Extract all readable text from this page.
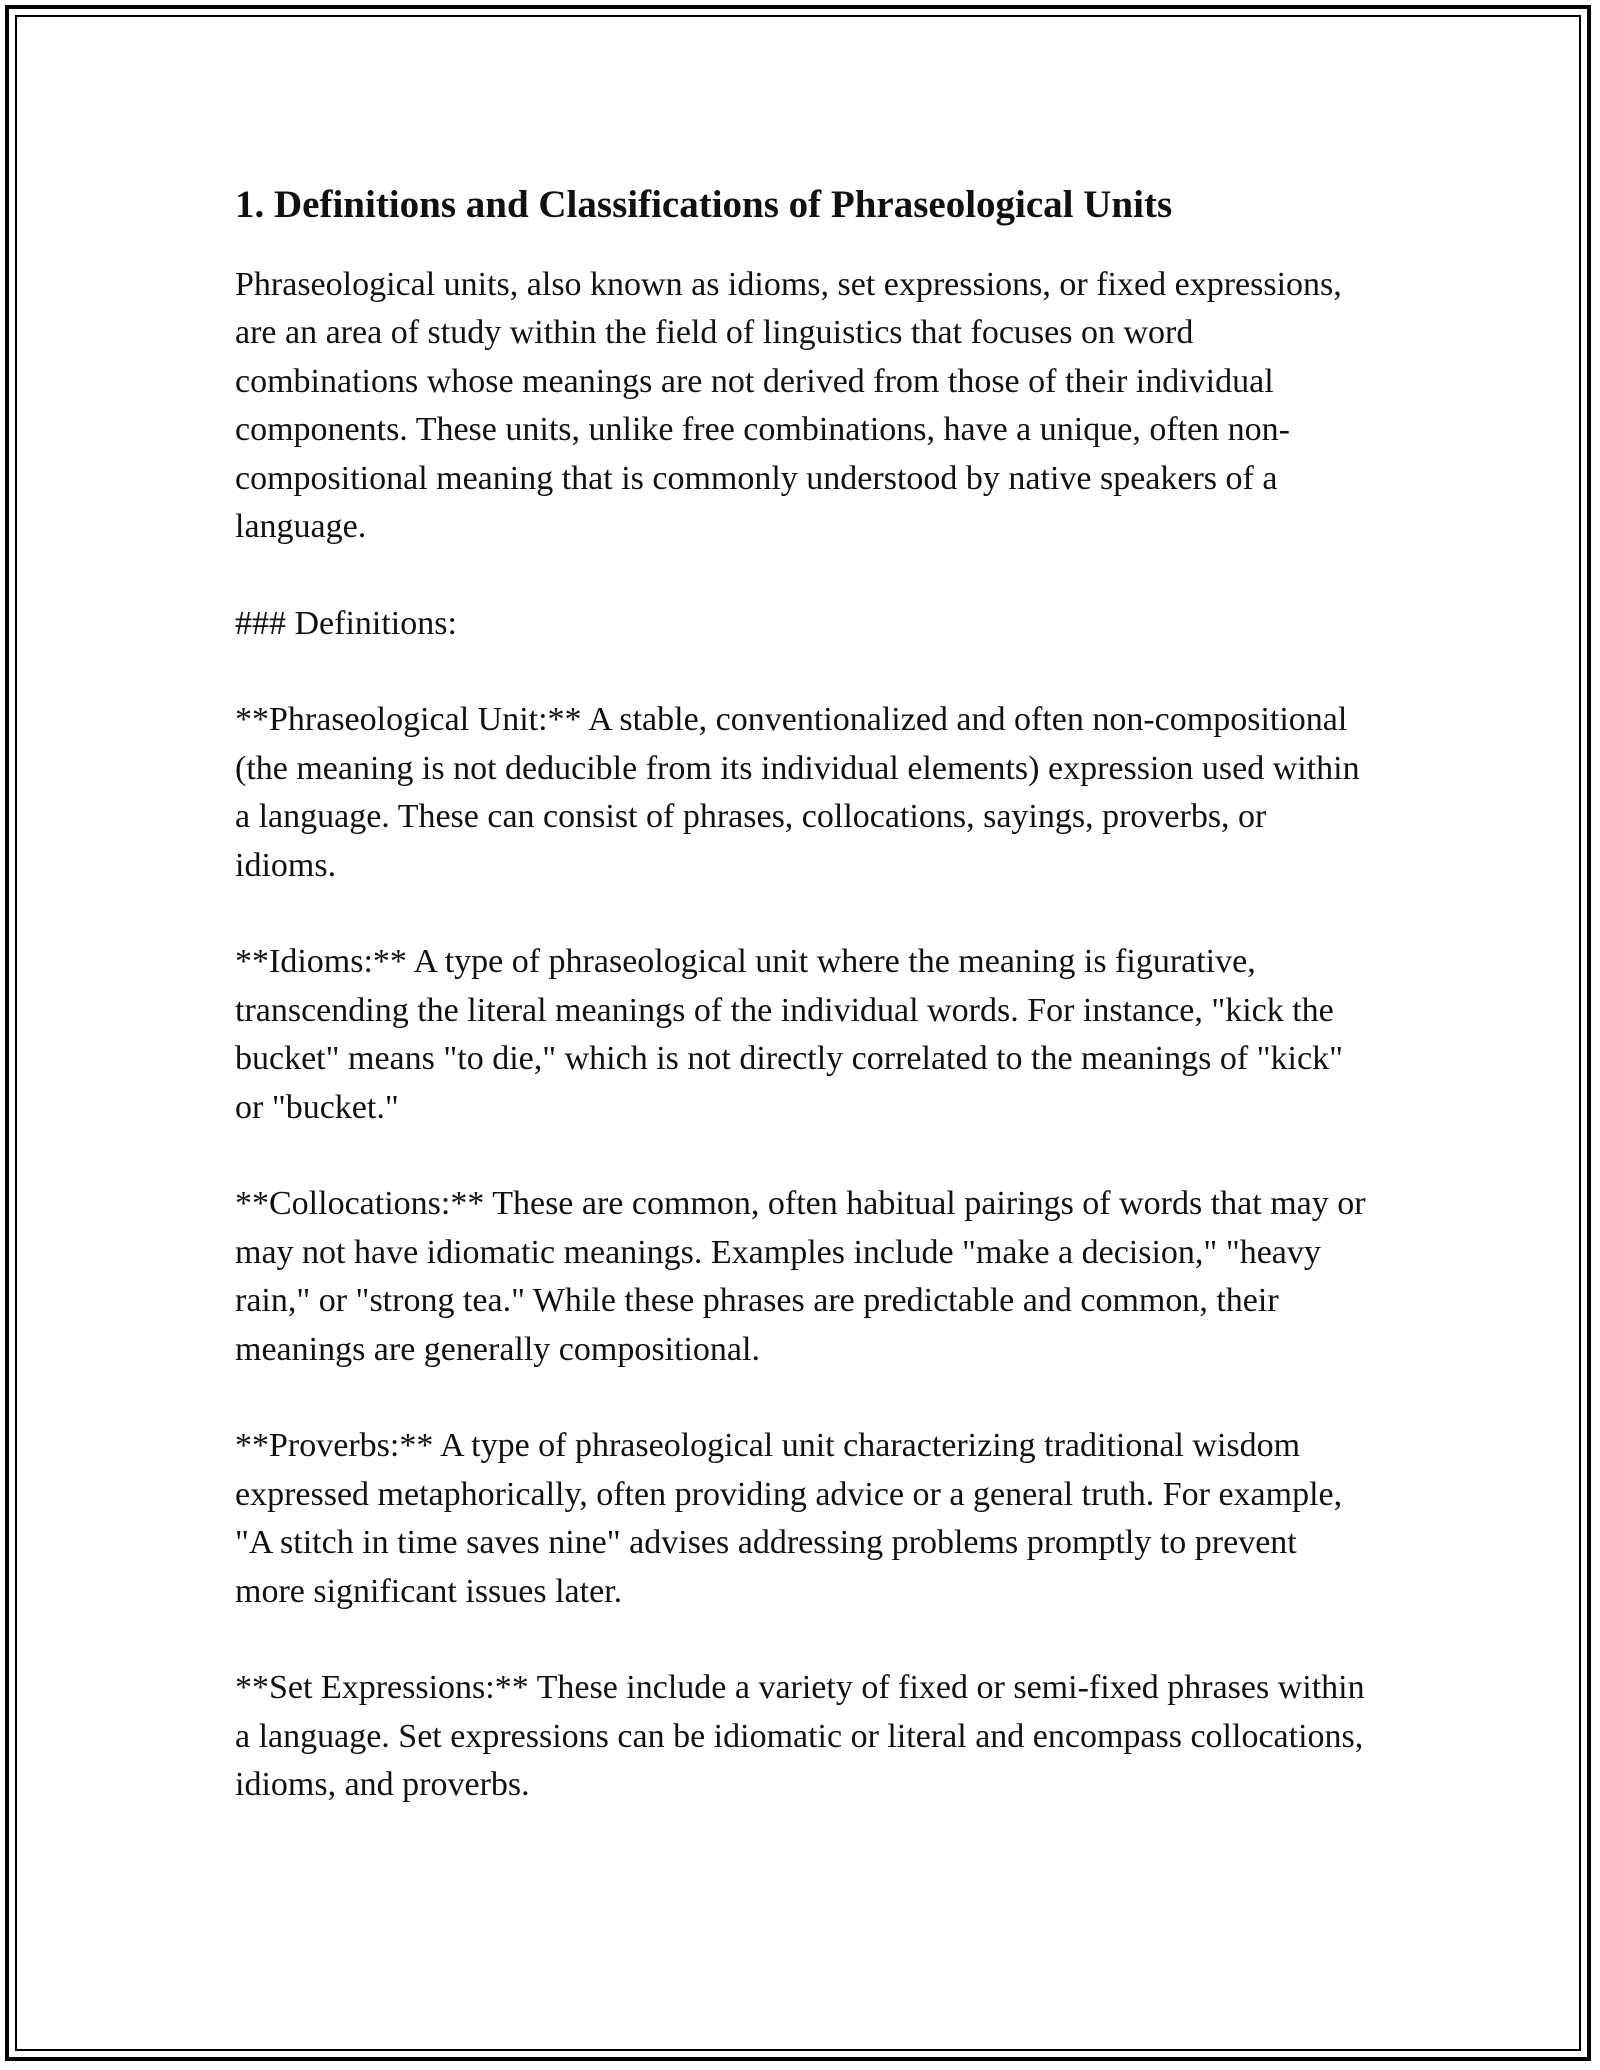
1. Definitions and Classifications of Phraseological Units

Phraseological units, also known as idioms, set expressions, or fixed expressions, are an area of study within the field of linguistics that focuses on word combinations whose meanings are not derived from those of their individual components. These units, unlike free combinations, have a unique, often non-compositional meaning that is commonly understood by native speakers of a language.

### Definitions:

**Phraseological Unit:** A stable, conventionalized and often non-compositional (the meaning is not deducible from its individual elements) expression used within a language. These can consist of phrases, collocations, sayings, proverbs, or idioms.

**Idioms:** A type of phraseological unit where the meaning is figurative, transcending the literal meanings of the individual words. For instance, "kick the bucket" means "to die," which is not directly correlated to the meanings of "kick" or "bucket."

**Collocations:** These are common, often habitual pairings of words that may or may not have idiomatic meanings. Examples include "make a decision," "heavy rain," or "strong tea." While these phrases are predictable and common, their meanings are generally compositional.

**Proverbs:** A type of phraseological unit characterizing traditional wisdom expressed metaphorically, often providing advice or a general truth. For example, "A stitch in time saves nine" advises addressing problems promptly to prevent more significant issues later.

**Set Expressions:** These include a variety of fixed or semi-fixed phrases within a language. Set expressions can be idiomatic or literal and encompass collocations, idioms, and proverbs.
